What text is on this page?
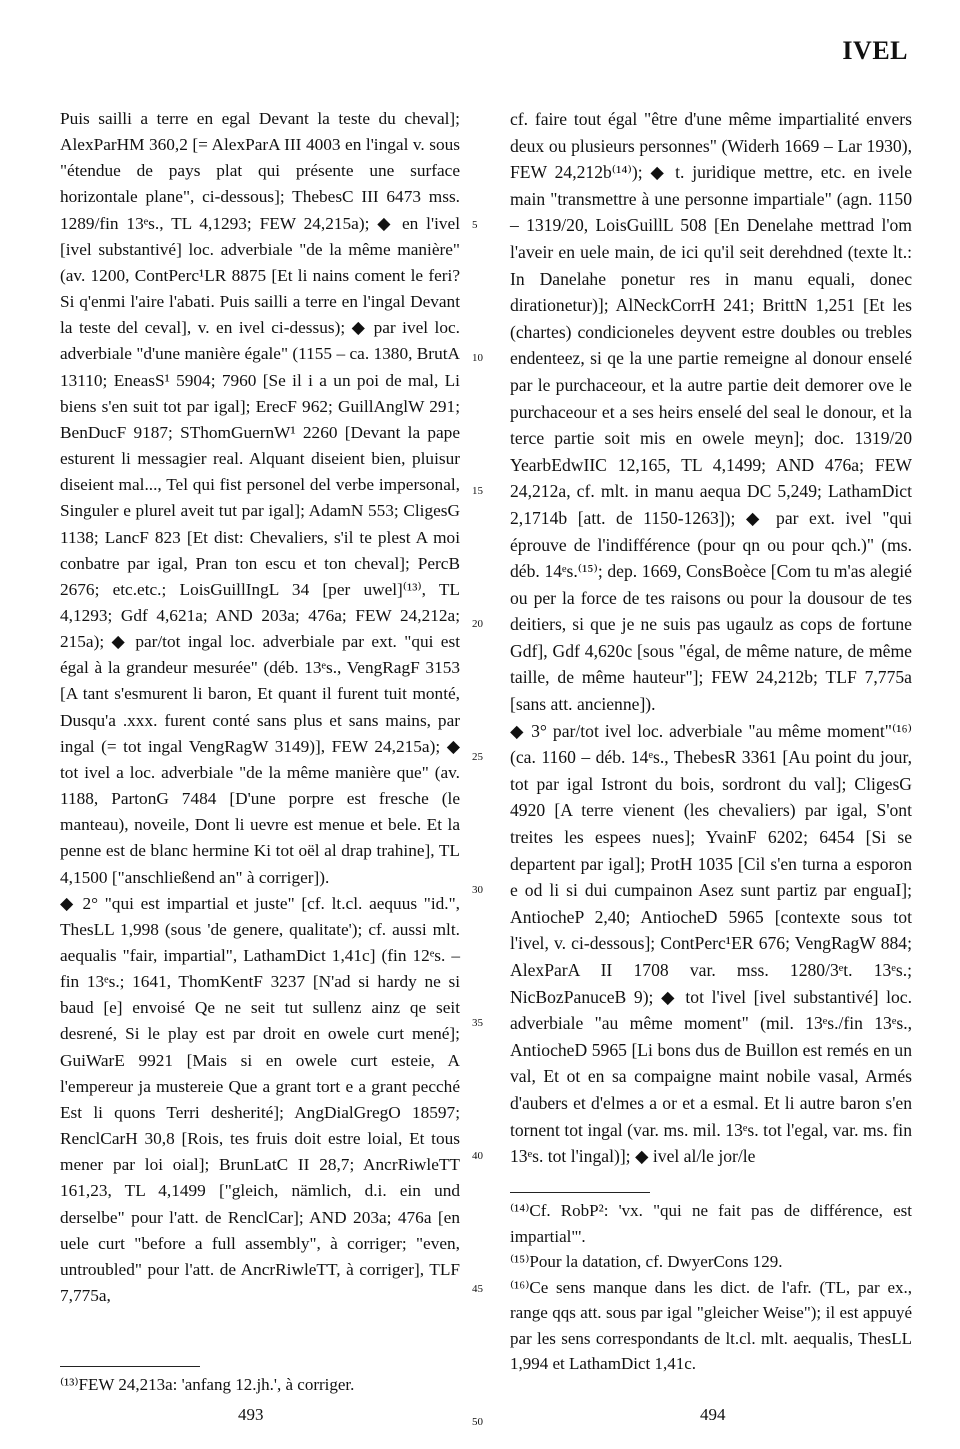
IVEL

Puis sailli a terre en egal Devant la teste du cheval]; AlexParHM 360,2 [= AlexParA III 4003 en l'ingal v. sous "étendue de pays plat qui présente une surface horizontale plane", ci-dessous]; ThebesC III 6473 mss. 1289/fin 13ᵉs., TL 4,1293; FEW 24,215a); ◆ en l'ivel [ivel substantivé] loc. adverbiale "de la même manière" (av. 1200, ContPerc¹LR 8875 [Et li nains coment le feri? Si q'enmi l'aire l'abati. Puis sailli a terre en l'ingal Devant la teste del ceval], v. en ivel ci-dessus); ◆ par ivel loc. adverbiale "d'une manière égale" (1155 – ca. 1380, BrutA 13110; EneasS¹ 5904; 7960 [Se il i a un poi de mal, Li biens s'en suit tot par igal]; ErecF 962; GuillAnglW 291; BenDucF 9187; SThomGuernW¹ 2260 [Devant la pape esturent li messagier real. Alquant diseient bien, pluisur diseient mal..., Tel qui fist personel del verbe impersonal, Singuler e plurel aveit tut par igal]; AdamN 553; CligesG 1138; LancF 823 [Et dist: Chevaliers, s'il te plest A moi conbatre par igal, Pran ton escu et ton cheval]; PercB 2676; etc.etc.; LoisGuillIngL 34 [per uwel]⁽¹³⁾, TL 4,1293; Gdf 4,621a; AND 203a; 476a; FEW 24,212a; 215a); ◆ par/tot ingal loc. adverbiale par ext. "qui est égal à la grandeur mesurée" (déb. 13ᵉs., VengRagF 3153 [A tant s'esmurent li baron, Et quant il furent tuit monté, Dusqu'a .xxx. furent conté sans plus et sans mains, par ingal (= tot ingal VengRagW 3149)], FEW 24,215a); ◆ tot ivel a loc. adverbiale "de la même manière que" (av. 1188, PartonG 7484 [D'une porpre est fresche (le manteau), noveile, Dont li uevre est menue et bele. Et la penne est de blanc hermine Ki tot oël al drap trahine], TL 4,1500 ["anschließend an" à corriger]).

◆ 2° "qui est impartial et juste" [cf. lt.cl. aequus "id.", ThesLL 1,998 (sous 'de genere, qualitate'); cf. aussi mlt. aequalis "fair, impartial", LathamDict 1,41c] (fin 12ᵉs. – fin 13ᵉs.; 1641, ThomKentF 3237 [N'ad si hardy ne si baud [e] envoisé Qe ne seit tut sullenz ainz qe seit desrené, Si le play est par droit en owele curt mené]; GuiWarE 9921 [Mais si en owele curt esteie, A l'empereur ja mustereie Que a grant tort e a grant pecché Est li quons Terri desherité]; AngDialGregO 18597; RenclCarH 30,8 [Rois, tes fruis doit estre loial, Et tous mener par loi oial]; BrunLatC II 28,7; AncrRiwleTT 161,23, TL 4,1499 ["gleich, nämlich, d.i. ein und derselbe" pour l'att. de RenclCar]; AND 203a; 476a [en uele curt "before a full assembly", à corriger; "even, untroubled" pour l'att. de AncrRiwleTT, à corriger], TLF 7,775a,

5
10
15
20
25
30
35
40
45
50

cf. faire tout égal "être d'une même impartialité envers deux ou plusieurs personnes" (Widerh 1669 – Lar 1930), FEW 24,212b⁽¹⁴⁾); ◆ t. juridique mettre, etc. en ivele main "transmettre à une personne impartiale" (agn. 1150 – 1319/20, LoisGuillL 508 [En Denelahe mettrad l'om l'aveir en uele main, de ici qu'il seit derehdned (texte lt.: In Danelahe ponetur res in manu equali, donec dirationetur)]; AlNeckCorrH 241; BrittN 1,251 [Et les (chartes) condicioneles deyvent estre doubles ou trebles endenteez, si qe la une partie remeigne al donour enselé par le purchaceour, et la autre partie deit demorer ove le purchaceour et a ses heirs enselé del seal le donour, et la terce partie soit mis en owele meyn]; doc. 1319/20 YearbEdwIIC 12,165, TL 4,1499; AND 476a; FEW 24,212a, cf. mlt. in manu aequa DC 5,249; LathamDict 2,1714b [att. de 1150-1263]); ◆ par ext. ivel "qui éprouve de l'indifférence (pour qn ou pour qch.)" (ms. déb. 14ᵉs.⁽¹⁵⁾; dep. 1669, ConsBoèce [Com tu m'as alegié ou per la force de tes raisons ou pour la dousour de tes deitiers, si que je ne suis pas ugaulz as cops de fortune Gdf], Gdf 4,620c [sous "égal, de même nature, de même taille, de même hauteur"]; FEW 24,212b; TLF 7,775a [sans att. ancienne]).

◆ 3° par/tot ivel loc. adverbiale "au même moment"⁽¹⁶⁾ (ca. 1160 – déb. 14ᵉs., ThebesR 3361 [Au point du jour, tot par igal Istront du bois, sordront du val]; CligesG 4920 [A terre vienent (les chevaliers) par igal, S'ont treites les espees nues]; YvainF 6202; 6454 [Si se departent par igal]; ProtH 1035 [Cil s'en turna a esporon e od li si dui cumpainon Asez sunt partiz par enguaI]; AntiocheP 2,40; AntiocheD 5965 [contexte sous tot l'ivel, v. ci-dessous]; ContPerc¹ER 676; VengRagW 884; AlexParA II 1708 var. mss. 1280/3ᵉt. 13ᵉs.; NicBozPanuceB 9); ◆ tot l'ivel [ivel substantivé] loc. adverbiale "au même moment" (mil. 13ᵉs./fin 13ᵉs., AntiocheD 5965 [Li bons dus de Buillon est remés en un val, Et ot en sa compaigne maint nobile vasal, Armés d'aubers et d'elmes a or et a esmal. Et li autre baron s'en tornent tot ingal (var. ms. mil. 13ᵉs. tot l'egal, var. ms. fin 13ᵉs. tot l'ingal)]; ◆ ivel al/le jor/le

⁽¹³⁾FEW 24,213a: 'anfang 12.jh.', à corriger.
⁽¹⁴⁾Cf. RobP²: 'vx. "qui ne fait pas de différence, est impartial"'.
⁽¹⁵⁾Pour la datation, cf. DwyerCons 129.
⁽¹⁶⁾Ce sens manque dans les dict. de l'afr. (TL, par ex., range qqs att. sous par igal "gleicher Weise"); il est appuyé par les sens correspondants de lt.cl. mlt. aequalis, ThesLL 1,994 et LathamDict 1,41c.
493	494
